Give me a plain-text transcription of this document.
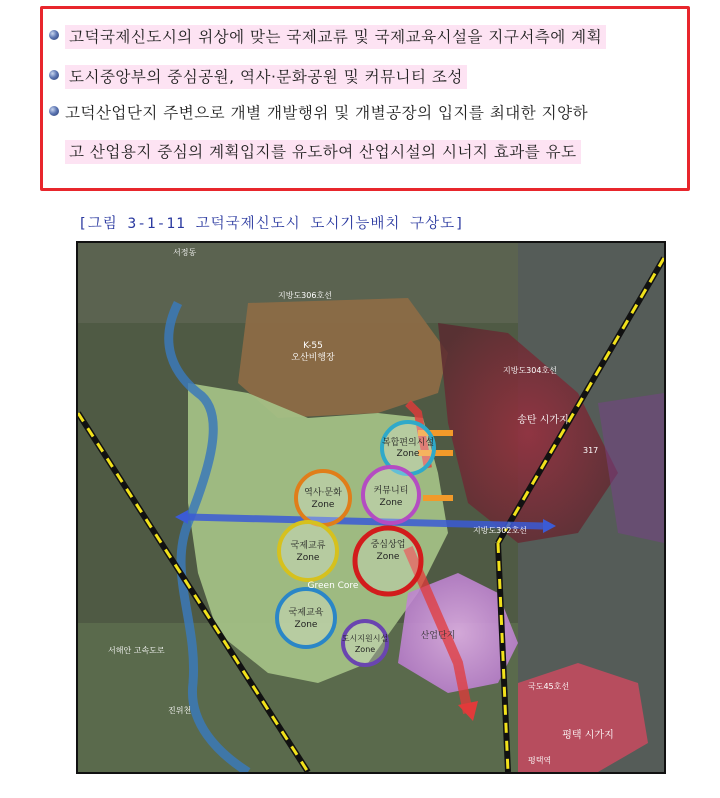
고덕국제신도시의 위상에 맞는 국제교류 및 국제교육시설을 지구서측에 계획
도시중앙부의 중심공원, 역사·문화공원 및 커뮤니티 조성
고덕산업단지 주변으로 개별 개발행위 및 개별공장의 입지를 최대한 지양하
고 산업용지 중심의 계획입지를 유도하여 산업시설의 시너지 효과를 유도
[그림 3-1-11 고덕국제신도시 도시기능배치 구상도]
복합편의시설
Zone
역사·문화
Zone
커뮤니티
Zone
국제교류
Zone
중심상업
Zone
국제교육
Zone
도시지원시설
Zone
K-55
오산비행장
송탄 시가지
평택 시가지
산업단지
Green Core
지방도306호선
지방도302호선
지방도304호선
317
국도45호선
서해안 고속도로
서정동
평택역
진위천
